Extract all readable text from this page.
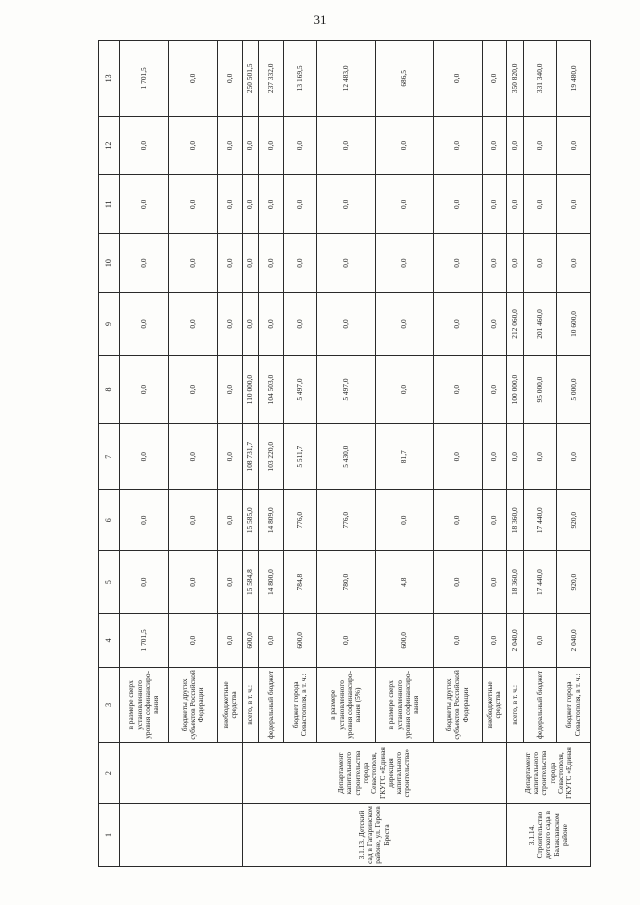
31
1	2	3	4	5	6	7	8	9	10	11	12	13
		в размере сверх установленного уровня софинансиро-вания	1 701,5	0,0	0,0	0,0	0,0	0,0	0,0	0,0	0,0	1 701,5
		бюджеты других субъектов Российской Федерации	0,0	0,0	0,0	0,0	0,0	0,0	0,0	0,0	0,0	0,0
		внебюджетные средства	0,0	0,0	0,0	0,0	0,0	0,0	0,0	0,0	0,0	0,0
3.1.13. Детский сад в Гагаринском районе, ул. Героев Бреста	Департамент капитального строительства города Севастополя, ГКУГС «Единая дирекция капитального строительства»	всего, в т. ч.:	600,0	15 584,8	15 585,0	108 731,7	110 000,0	0,0	0,0	0,0	0,0	250 501,5
		федеральный бюджет	0,0	14 800,0	14 809,0	103 220,0	104 503,0	0,0	0,0	0,0	0,0	237 332,0
		бюджет города Севастополя, в т. ч.:	600,0	784,8	776,0	5 511,7	5 497,0	0,0	0,0	0,0	0,0	13 169,5
		в размере установленного уровня софинансиро-вания (5%)	0,0	780,0	776,0	5 430,0	5 497,0	0,0	0,0	0,0	0,0	12 483,0
		в размере сверх установленного уровня софинансиро-вания	600,0	4,8	0,0	81,7	0,0	0,0	0,0	0,0	0,0	686,5
		бюджеты других субъектов Российской Федерации	0,0	0,0	0,0	0,0	0,0	0,0	0,0	0,0	0,0	0,0
		внебюджетные средства	0,0	0,0	0,0	0,0	0,0	0,0	0,0	0,0	0,0	0,0
3.1.14. Строительство детского сада в Балаклавском районе	Департамент капитального строительства города Севастополя, ГКУГС «Единая	всего, в т. ч.:	2 040,0	18 360,0	18 360,0	0,0	100 000,0	212 060,0	0,0	0,0	0,0	350 820,0
		федеральный бюджет	0,0	17 440,0	17 440,0	0,0	95 000,0	201 460,0	0,0	0,0	0,0	331 340,0
		бюджет города Севастополя, в т. ч.:	2 040,0	920,0	920,0	0,0	5 000,0	10 600,0	0,0	0,0	0,0	19 480,0
